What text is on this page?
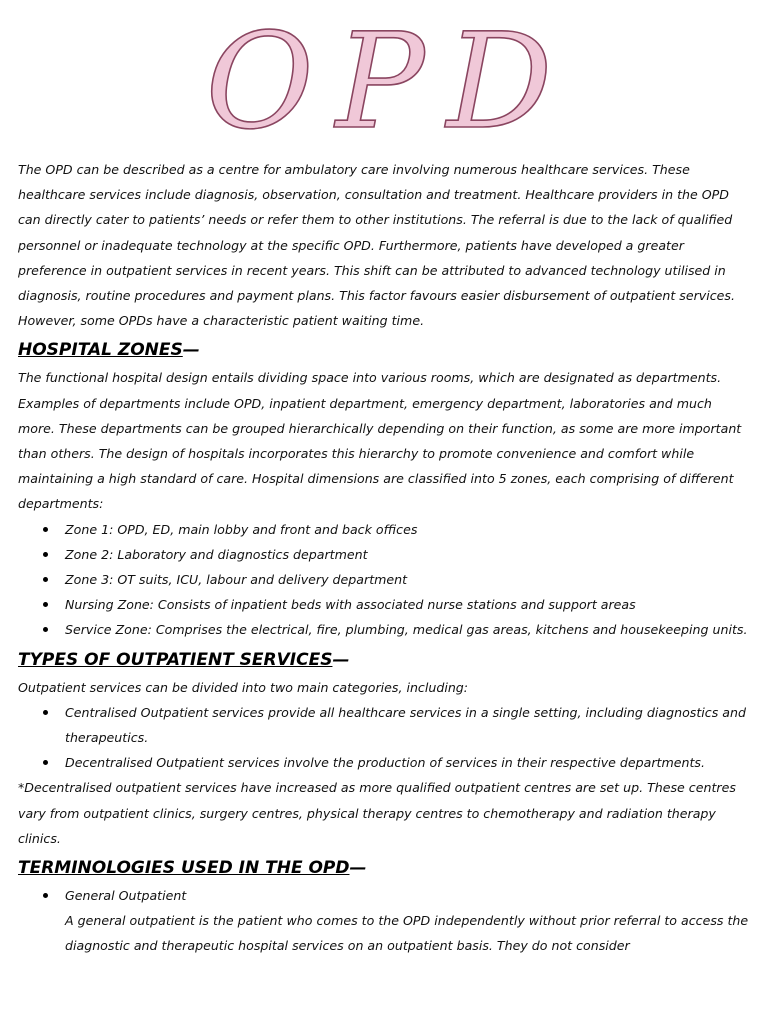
OPD

The OPD can be described as a centre for ambulatory care involving numerous healthcare services. These healthcare services include diagnosis, observation, consultation and treatment. Healthcare providers in the OPD can directly cater to patients’ needs or refer them to other institutions. The referral is due to the lack of qualified personnel or inadequate technology at the specific OPD. Furthermore, patients have developed a greater preference in outpatient services in recent years. This shift can be attributed to advanced technology utilised in diagnosis, routine procedures and payment plans. This factor favours easier disbursement of outpatient services. However, some OPDs have a characteristic patient waiting time.

HOSPITAL ZONES—

The functional hospital design entails dividing space into various rooms, which are designated as departments. Examples of departments include OPD, inpatient department, emergency department, laboratories and much more. These departments can be grouped hierarchically depending on their function, as some are more important than others. The design of hospitals incorporates this hierarchy to promote convenience and comfort while maintaining a high standard of care. Hospital dimensions are classified into 5 zones, each comprising of different departments:

Zone 1: OPD, ED, main lobby and front and back offices
Zone 2: Laboratory and diagnostics department
Zone 3: OT suits, ICU, labour and delivery department
Nursing Zone: Consists of inpatient beds with associated nurse stations and support areas
Service Zone: Comprises the electrical, fire, plumbing, medical gas areas, kitchens and housekeeping units.
TYPES OF OUTPATIENT SERVICES—

Outpatient services can be divided into two main categories, including:

Centralised Outpatient services provide all healthcare services in a single setting, including diagnostics and therapeutics.
Decentralised Outpatient services involve the production of services in their respective departments.

*Decentralised outpatient services have increased as more qualified outpatient centres are set up. These centres vary from outpatient clinics, surgery centres, physical therapy centres to chemotherapy and radiation therapy clinics.

TERMINOLOGIES USED IN THE OPD—
General Outpatient
A general outpatient is the patient who comes to the OPD independently without prior referral to access the diagnostic and therapeutic hospital services on an outpatient basis. They do not consider
